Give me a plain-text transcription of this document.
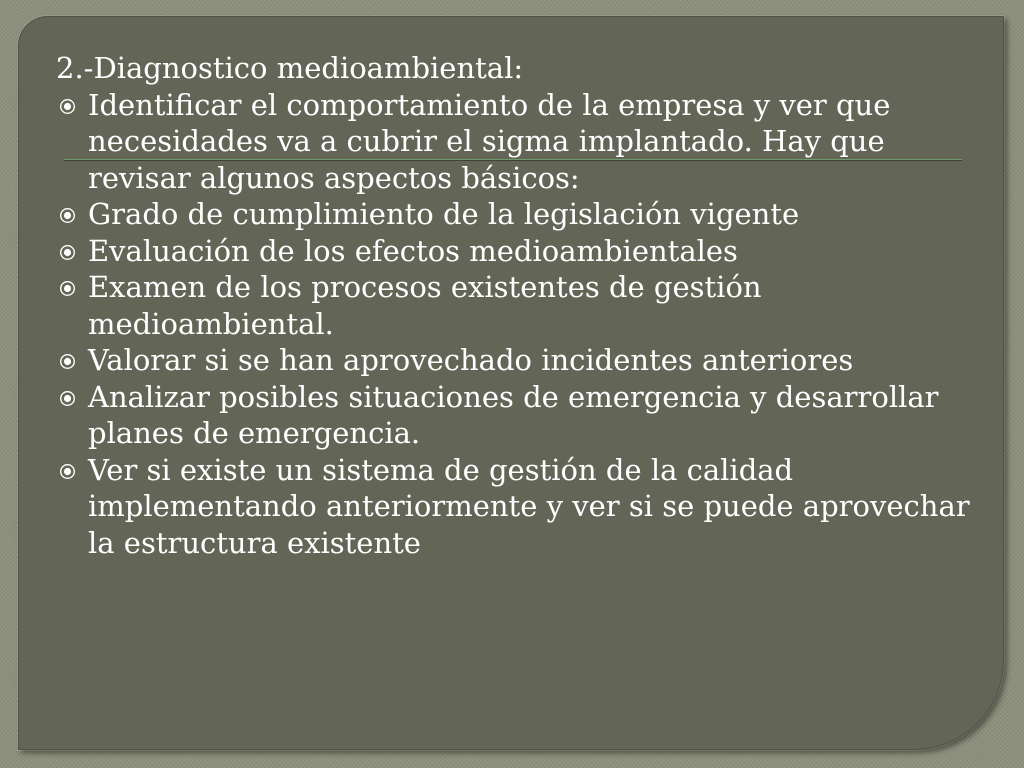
2.-Diagnostico medioambiental:

Identificar el comportamiento de la empresa y ver que necesidades va a cubrir el sigma implantado. Hay que revisar algunos aspectos básicos:
Grado de cumplimiento de la legislación vigente
Evaluación de los efectos medioambientales
Examen de los procesos existentes de gestión medioambiental.
Valorar si se han aprovechado incidentes anteriores
Analizar posibles situaciones de emergencia y desarrollar planes de emergencia.
Ver si existe un sistema de gestión de la calidad implementando anteriormente y ver si se puede aprovechar la estructura existente
